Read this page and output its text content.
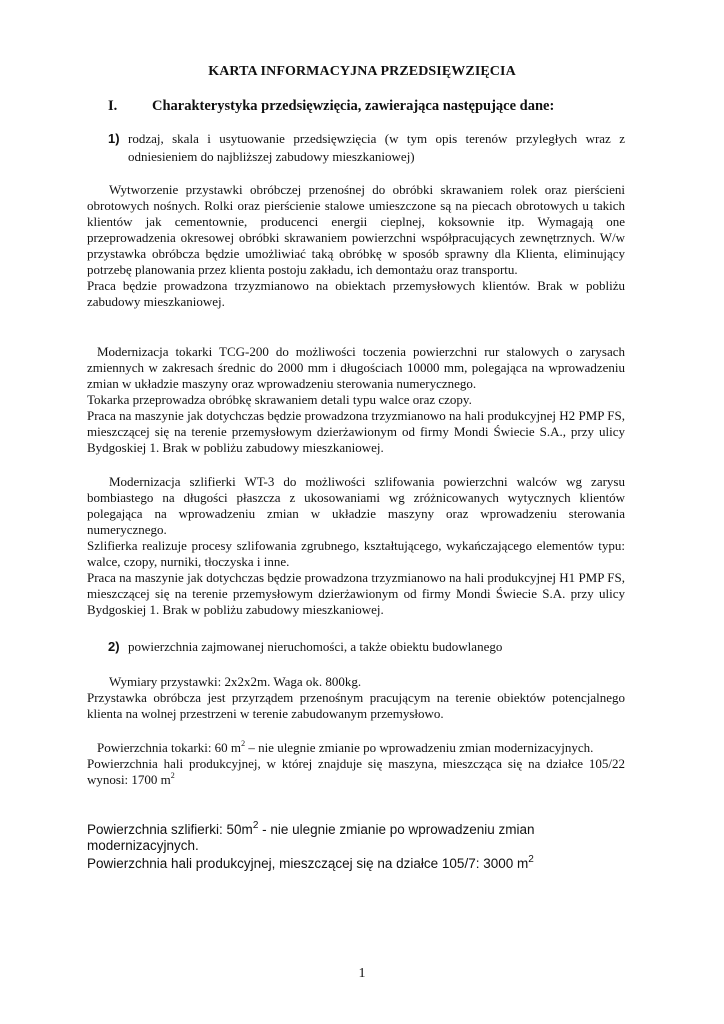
KARTA INFORMACYJNA PRZEDSIĘWZIĘCIA
I. Charakterystyka przedsięwzięcia, zawierająca następujące dane:
1) rodzaj, skala i usytuowanie przedsięwzięcia (w tym opis terenów przyległych wraz z odniesieniem do najbliższej zabudowy mieszkaniowej)

Wytworzenie przystawki obróbczej przenośnej do obróbki skrawaniem rolek oraz pierścieni obrotowych nośnych. Rolki oraz pierścienie stalowe umieszczone są na piecach obrotowych u takich klientów jak cementownie, producenci energii cieplnej, koksownie itp. Wymagają one przeprowadzenia okresowej obróbki skrawaniem powierzchni współpracujących zewnętrznych. W/w przystawka obróbcza będzie umożliwiać taką obróbkę w sposób sprawny dla Klienta, eliminujący potrzebę planowania przez klienta postoju zakładu, ich demontażu oraz transportu.

Praca będzie prowadzona trzyzmianowo na obiektach przemysłowych klientów. Brak w pobliżu zabudowy mieszkaniowej.

Modernizacja tokarki TCG-200 do możliwości toczenia powierzchni rur stalowych o zarysach zmiennych w zakresach średnic do 2000 mm i długościach 10000 mm, polegająca na wprowadzeniu zmian w układzie maszyny oraz wprowadzeniu sterowania numerycznego.

Tokarka przeprowadza obróbkę skrawaniem detali typu walce oraz czopy.

Praca na maszynie jak dotychczas będzie prowadzona trzyzmianowo na hali produkcyjnej H2 PMP FS, mieszczącej się na terenie przemysłowym dzierżawionym od firmy Mondi Świecie S.A., przy ulicy Bydgoskiej 1. Brak w pobliżu zabudowy mieszkaniowej.

Modernizacja szlifierki WT-3 do możliwości szlifowania powierzchni walców wg zarysu bombiastego na długości płaszcza z ukosowaniami wg zróżnicowanych wytycznych klientów polegająca na wprowadzeniu zmian w układzie maszyny oraz wprowadzeniu sterowania numerycznego.

Szlifierka realizuje procesy szlifowania zgrubnego, kształtującego, wykańczającego elementów typu: walce, czopy, nurniki, tłoczyska i inne.

Praca na maszynie jak dotychczas będzie prowadzona trzyzmianowo na hali produkcyjnej H1 PMP FS, mieszczącej się na terenie przemysłowym dzierżawionym od firmy Mondi Świecie S.A. przy ulicy Bydgoskiej 1. Brak w pobliżu zabudowy mieszkaniowej.

2) powierzchnia zajmowanej nieruchomości, a także obiektu budowlanego

Wymiary przystawki: 2x2x2m. Waga ok. 800kg.

Przystawka obróbcza jest przyrządem przenośnym pracującym na terenie obiektów potencjalnego klienta na wolnej przestrzeni w terenie zabudowanym przemysłowo.

Powierzchnia tokarki: 60 $m^2$ – nie ulegnie zmianie po wprowadzeniu zmian modernizacyjnych.

Powierzchnia hali produkcyjnej, w której znajduje się maszyna, mieszcząca się na działce 105/22 wynosi: 1700 $m^2$

Powierzchnia szlifierki: $50m^2$ - nie ulegnie zmianie po wprowadzeniu zmian modernizacyjnych.

Powierzchnia hali produkcyjnej, mieszczącej się na działce 105/7: 3000 $m^2$

1
